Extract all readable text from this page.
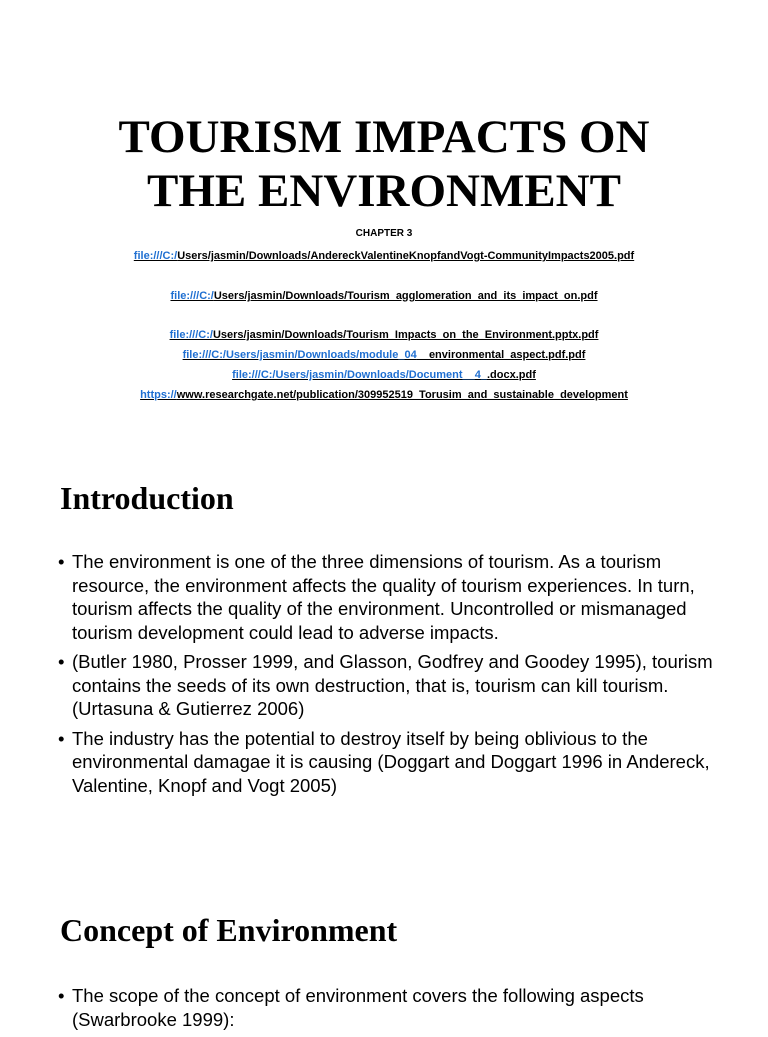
TOURISM IMPACTS ON
THE ENVIRONMENT
CHAPTER 3
file:///C:/Users/jasmin/Downloads/AndereckValentineKnopfandVogt-CommunityImpacts2005.pdf
file:///C:/Users/jasmin/Downloads/Tourism_agglomeration_and_its_impact_on.pdf
file:///C:/Users/jasmin/Downloads/Tourism_Impacts_on_the_Environment.pptx.pdf
file:///C:/Users/jasmin/Downloads/module_04__environmental_aspect.pdf.pdf
file:///C:/Users/jasmin/Downloads/Document__4_.docx.pdf
https://www.researchgate.net/publication/309952519_Torusim_and_sustainable_development
Introduction
• The environment is one of the three dimensions of tourism. As a tourism resource, the environment affects the quality of tourism experiences. In turn, tourism affects the quality of the environment. Uncontrolled or mismanaged tourism development could lead to adverse impacts.
• (Butler 1980, Prosser 1999, and Glasson, Godfrey and Goodey 1995), tourism contains the seeds of its own destruction, that is, tourism can kill tourism. (Urtasuna & Gutierrez 2006)
• The industry has the potential to destroy itself by being oblivious to the environmental damagae it is causing (Doggart and Doggart 1996 in Andereck, Valentine, Knopf and Vogt 2005)
Concept of Environment
• The scope of the concept of environment covers the following aspects (Swarbrooke 1999):
